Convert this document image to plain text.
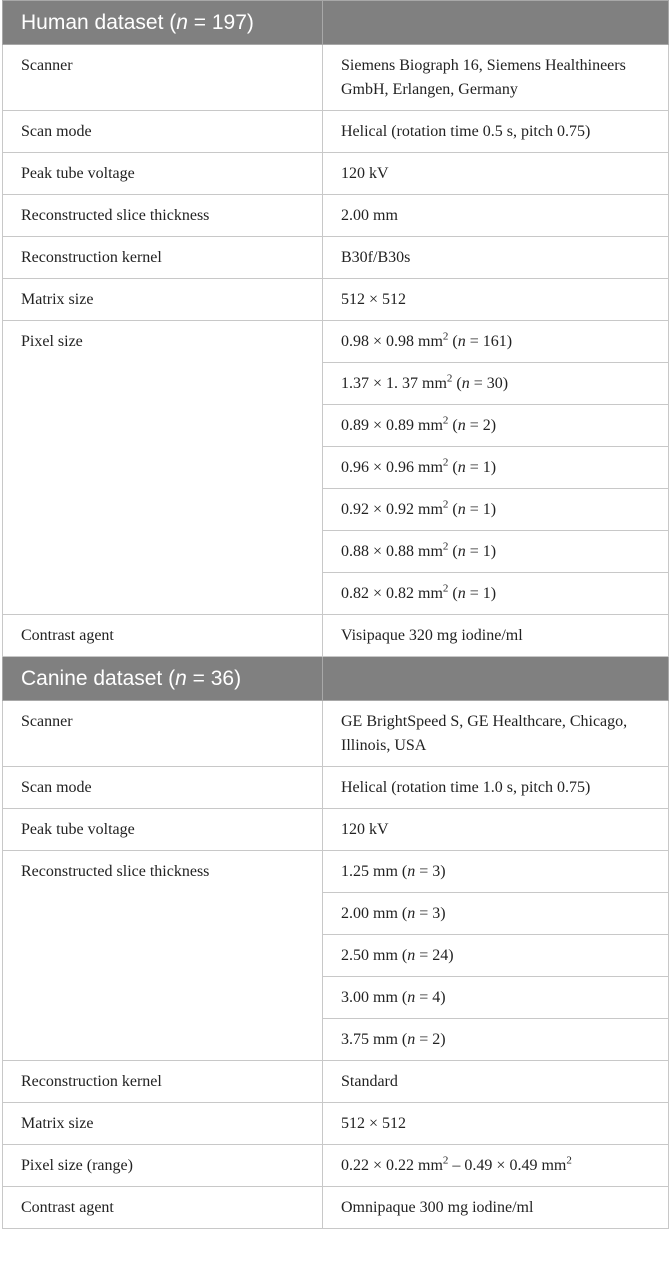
Human dataset (n = 197)	
Scanner	Siemens Biograph 16, Siemens Healthineers GmbH, Erlangen, Germany
Scan mode	Helical (rotation time 0.5 s, pitch 0.75)
Peak tube voltage	120 kV
Reconstructed slice thickness	2.00 mm
Reconstruction kernel	B30f/B30s
Matrix size	512 × 512
Pixel size	0.98 × 0.98 $mm^2$ (n = 161)
	1.37 × 1. 37 $mm^2$ (n = 30)
	0.89 × 0.89 $mm^2$ (n = 2)
	0.96 × 0.96 $mm^2$ (n = 1)
	0.92 × 0.92 $mm^2$ (n = 1)
	0.88 × 0.88 $mm^2$ (n = 1)
	0.82 × 0.82 $mm^2$ (n = 1)
Contrast agent	Visipaque 320 mg iodine/ml
Canine dataset (n = 36)	
Scanner	GE BrightSpeed S, GE Healthcare, Chicago, Illinois, USA
Scan mode	Helical (rotation time 1.0 s, pitch 0.75)
Peak tube voltage	120 kV
Reconstructed slice thickness	1.25 mm (n = 3)
	2.00 mm (n = 3)
	2.50 mm (n = 24)
	3.00 mm (n = 4)
	3.75 mm (n = 2)
Reconstruction kernel	Standard
Matrix size	512 × 512
Pixel size (range)	0.22 × 0.22 $mm^2 - 0.49 \times 0.49$ $mm^2$
Contrast agent	Omnipaque 300 mg iodine/ml
